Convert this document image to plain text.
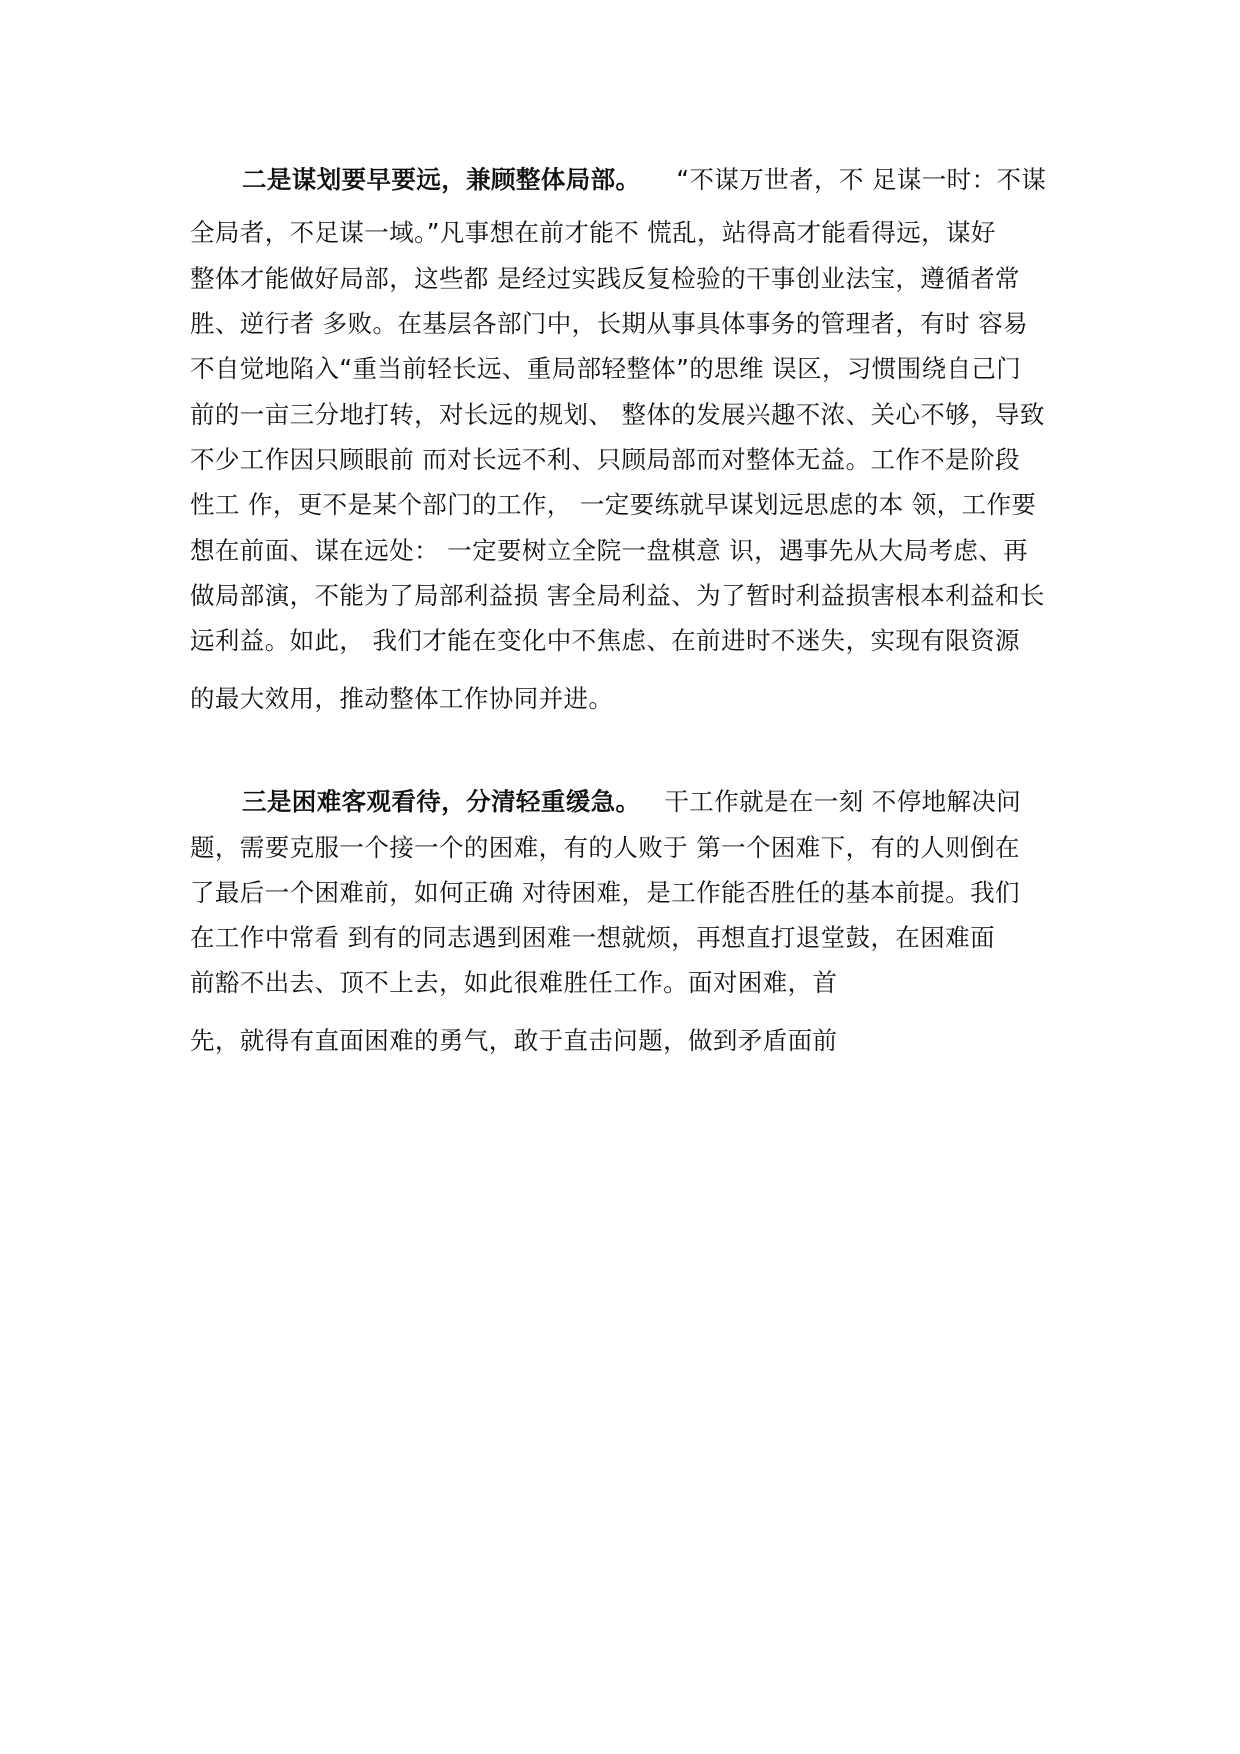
二是谋划要早要远，兼顾整体局部。 “不谋万世者，不 足谋一时：不谋
全局者，不足谋一域。”凡事想在前才能不 慌乱，站得高才能看得远，谋好
整体才能做好局部，这些都 是经过实践反复检验的干事创业法宝，遵循者常
胜、逆行者 多败。在基层各部门中，长期从事具体事务的管理者，有时 容易
不自觉地陷入“重当前轻长远、重局部轻整体”的思维 误区，习惯围绕自己门
前的一亩三分地打转，对长远的规划、 整体的发展兴趣不浓、关心不够，导致
不少工作因只顾眼前 而对长远不利、只顾局部而对整体无益。工作不是阶段
性工 作，更不是某个部门的工作， 一定要练就早谋划远思虑的本 领，工作要
想在前面、谋在远处： 一定要树立全院一盘棋意 识，遇事先从大局考虑、再
做局部演，不能为了局部利益损 害全局利益、为了暂时利益损害根本利益和长
远利益。如此， 我们才能在变化中不焦虑、在前进时不迷失，实现有限资源
的最大效用，推动整体工作协同并进。
三是困难客观看待，分清轻重缓急。 干工作就是在一刻 不停地解决问
题，需要克服一个接一个的困难，有的人败于 第一个困难下，有的人则倒在
了最后一个困难前，如何正确 对待困难，是工作能否胜任的基本前提。我们
在工作中常看 到有的同志遇到困难一想就烦，再想直打退堂鼓，在困难面
前豁不出去、顶不上去，如此很难胜任工作。面对困难，首
先，就得有直面困难的勇气，敢于直击问题，做到矛盾面前
